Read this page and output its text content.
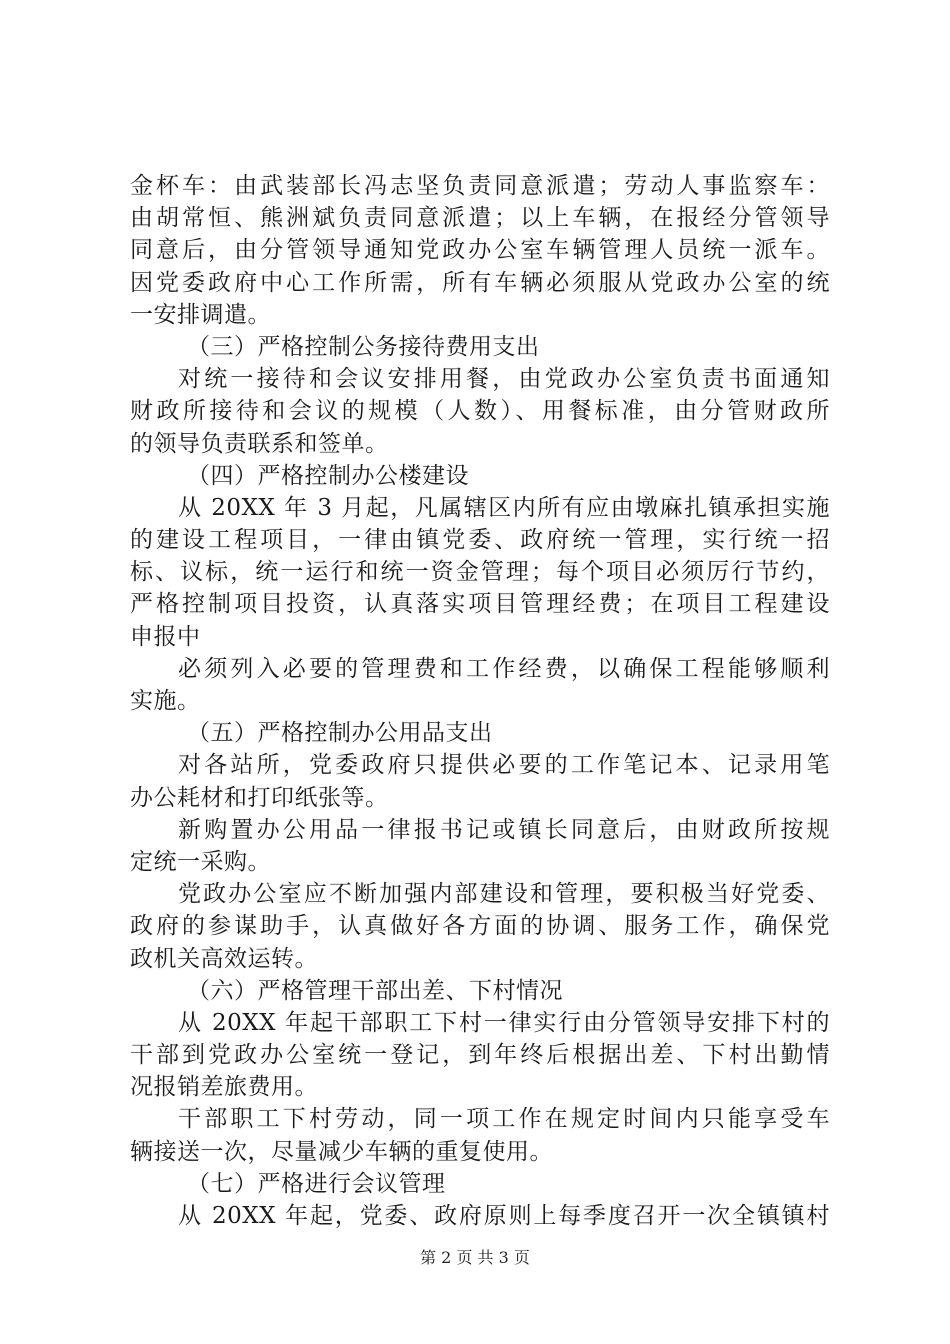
金杯车：由武装部长冯志坚负责同意派遣；劳动人事监察车：
由胡常恒、熊洲斌负责同意派遣；以上车辆，在报经分管领导
同意后，由分管领导通知党政办公室车辆管理人员统一派车。
因党委政府中心工作所需，所有车辆必须服从党政办公室的统
一安排调遣。
（三）严格控制公务接待费用支出
对统一接待和会议安排用餐，由党政办公室负责书面通知
财政所接待和会议的规模（人数）、用餐标准，由分管财政所
的领导负责联系和签单。
（四）严格控制办公楼建设
从 20XX 年 3 月起，凡属辖区内所有应由墩麻扎镇承担实施
的建设工程项目，一律由镇党委、政府统一管理，实行统一招
标、议标，统一运行和统一资金管理；每个项目必须厉行节约，
严格控制项目投资，认真落实项目管理经费；在项目工程建设
申报中
必须列入必要的管理费和工作经费，以确保工程能够顺利
实施。
（五）严格控制办公用品支出
对各站所，党委政府只提供必要的工作笔记本、记录用笔
办公耗材和打印纸张等。
新购置办公用品一律报书记或镇长同意后，由财政所按规
定统一采购。
党政办公室应不断加强内部建设和管理，要积极当好党委、
政府的参谋助手，认真做好各方面的协调、服务工作，确保党
政机关高效运转。
（六）严格管理干部出差、下村情况
从 20XX 年起干部职工下村一律实行由分管领导安排下村的
干部到党政办公室统一登记，到年终后根据出差、下村出勤情
况报销差旅费用。
干部职工下村劳动，同一项工作在规定时间内只能享受车
辆接送一次，尽量减少车辆的重复使用。
（七）严格进行会议管理
从 20XX 年起，党委、政府原则上每季度召开一次全镇镇村
第 2 页 共 3 页
